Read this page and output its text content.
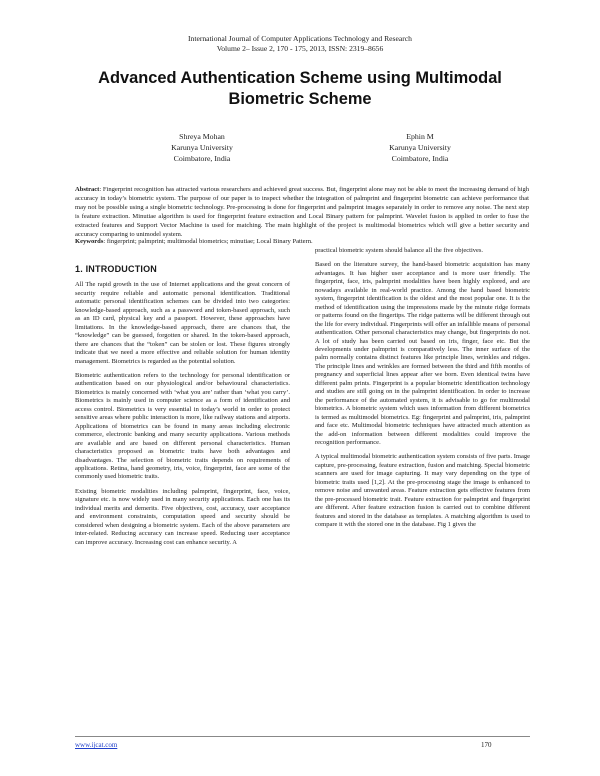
International Journal of Computer Applications Technology and Research
Volume 2– Issue 2, 170 - 175, 2013, ISSN: 2319–8656
Advanced Authentication Scheme using Multimodal
Biometric Scheme
Shreya Mohan
Karunya University
Coimbatore, India
Ephin M
Karunya University
Coimbatore, India
Abstract: Fingerprint recognition has attracted various researchers and achieved great success. But, fingerprint alone may not be able to meet the increasing demand of high accuracy in today’s biometric system. The purpose of our paper is to inspect whether the integration of palmprint and fingerprint biometric can achieve performance that may not be possible using a single biometric technology. Pre-processing is done for fingerprint and palmprint images separately in order to remove any noise. The next step is feature extraction. Minutiae algorithm is used for fingerprint feature extraction and Local Binary pattern for palmprint. Wavelet fusion is applied in order to fuse the extracted features and Support Vector Machine is used for matching. The main highlight of the project is multimodal biometrics which will give a better security and accuracy comparing to unimodel system.
Keywords: fingerprint; palmprint; multimodal biometrics; minutiae; Local Binary Pattern.
1. INTRODUCTION

All The rapid growth in the use of Internet applications and the great concern of security require reliable and automatic personal identification. Traditional automatic personal identification schemes can be divided into two categories: knowledge-based approach, such as a password and token-based approach, such as an ID card, physical key and a passport. However, these approaches have limitations. In the knowledge-based approach, there are chances that, the “knowledge” can be guessed, forgotten or shared. In the token-based approach, there are chances that the “token” can be stolen or lost. These figures strongly indicate that we need a more effective and reliable solution for human identity management. Biometrics is regarded as the potential solution.

Biometric authentication refers to the technology for personal identification or authentication based on our physiological and/or behavioural characteristics. Biometrics is mainly concerned with ‘what you are’ rather than ‘what you carry’. Biometrics is mainly used in computer science as a form of identification and access control. Biometrics is very essential in today’s world in order to protect sensitive areas where public interaction is more, like railway stations and airports. Applications of biometrics can be found in many areas including electronic commerce, electronic banking and many security applications. Various methods are available and are based on different personal characteristics. Human characteristics proposed as biometric traits have both advantages and disadvantages. The selection of biometric traits depends on requirements of applications. Retina, hand geometry, iris, voice, fingerprint, face are some of the commonly used biometric traits.

Existing biometric modalities including palmprint, fingerprint, face, voice, signature etc. is now widely used in many security applications. Each one has its individual merits and demerits. Five objectives, cost, accuracy, user acceptance and environment constraints, computation speed and security should be considered when designing a biometric system. Each of the above parameters are inter-related. Reducing accuracy can increase speed. Reducing user acceptance can improve accuracy. Increasing cost can enhance security. A

practical biometric system should balance all the five objectives.

Based on the literature survey, the hand-based biometric acquisition has many advantages. It has higher user acceptance and is more user friendly. The fingerprint, face, iris, palmprint modalities have been highly explored, and are nowadays available in real-world practice. Among the hand based biometric system, fingerprint identification is the oldest and the most popular one. It is the method of identification using the impressions made by the minute ridge formats or patterns found on the fingertips. The ridge patterns will be different through out the life for every individual. Fingerprints will offer an infallible means of personal authentication. Other personal characteristics may change, but fingerprints do not. A lot of study has been carried out based on iris, finger, face etc. But the developments under palmprint is comparatively less. The inner surface of the palm normally contains distinct features like principle lines, wrinkles and ridges. The principle lines and wrinkles are formed between the third and fifth months of pregnancy and superficial lines appear after we born. Even identical twins have different palm prints. Fingerprint is a popular biometric identification technology and studies are still going on in the palmprint identification. In order to increase the performance of the automated system, it is advisable to go for multimodal biometrics. A biometric system which uses information from different biometrics is termed as multimodel biometrics. Eg: fingerprint and palmprint, iris, palmprint and face etc. Multimodal biometric techniques have attracted much attention as the add-on information between different modalities could improve the recognition performance.

A typical multimodal biometric authentication system consists of five parts. Image capture, pre-processing, feature extraction, fusion and matching. Special biometric scanners are used for image capturing. It may vary depending on the type of biometric traits used [1,2]. At the pre-processing stage the image is enhanced to remove noise and unwanted areas. Feature extraction gets effective features from the pre-processed biometric trait. Feature extraction for palmprint and fingerprint are different. After feature extraction fusion is carried out to combine different features and stored in the database as templates. A matching algorithm is used to compare it with the stored one in the database. Fig 1 gives the

www.ijcat.com	170
